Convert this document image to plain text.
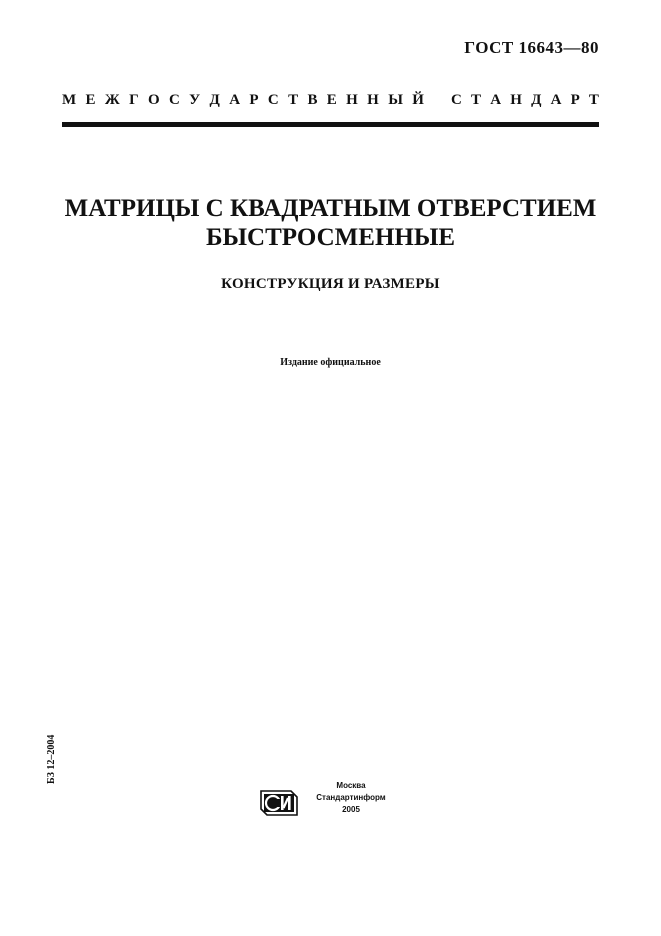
ГОСТ 16643—80
М Е Ж Г О С У Д А Р С Т В Е Н Н Ы Й С Т А Н Д А Р Т
МАТРИЦЫ С КВАДРАТНЫМ ОТВЕРСТИЕМ
БЫСТРОСМЕННЫЕ
КОНСТРУКЦИЯ И РАЗМЕРЫ
Издание официальное
БЗ 12–2004
Москва
Стандартинформ
2005
